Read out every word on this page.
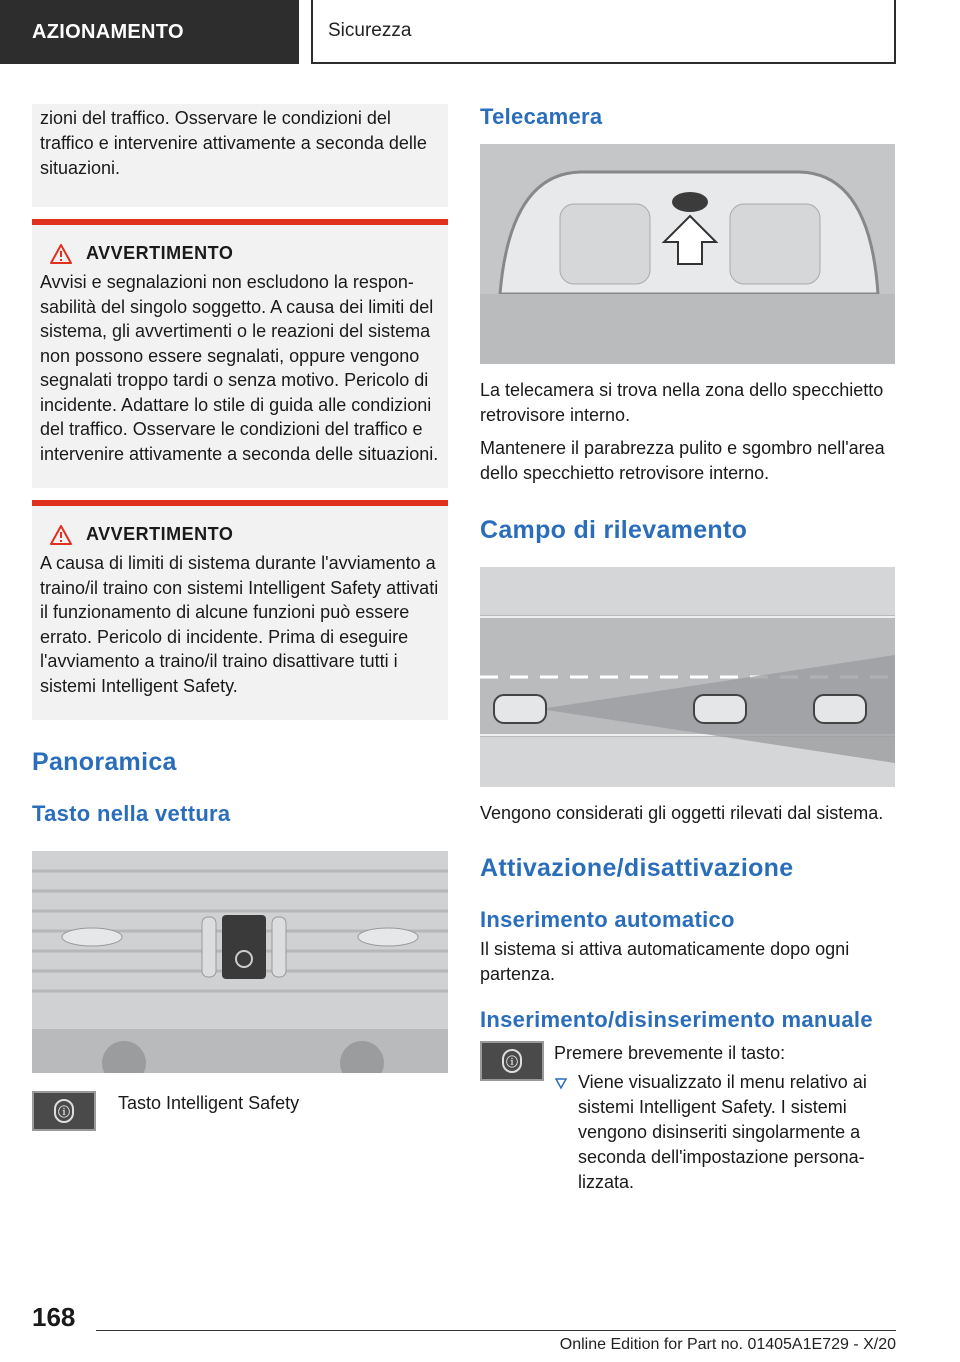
AZIONAMENTO	Sicurezza

zioni del traffico. Osservare le condizioni del traffico e intervenire attivamente a seconda delle situazioni.

AVVERTIMENTO

Avvisi e segnalazioni non escludono la responsabilità del singolo soggetto. A causa dei limiti del sistema, gli avvertimenti o le reazioni del sistema non possono essere segnalati, oppure vengono segnalati troppo tardi o senza motivo. Pericolo di incidente. Adattare lo stile di guida alle condizioni del traffico. Osservare le condizioni del traffico e intervenire attivamente a seconda delle situazioni.

AVVERTIMENTO

A causa di limiti di sistema durante l'avviamento a traino/il traino con sistemi Intelligent Safety attivati il funzionamento di alcune funzioni può essere errato. Pericolo di incidente. Prima di eseguire l'avviamento a traino/il traino disattivare tutti i sistemi Intelligent Safety.

Panoramica
Tasto nella vettura
ⓘ	Tasto Intelligent Safety

Telecamera

La telecamera si trova nella zona dello specchietto retrovisore interno.

Mantenere il parabrezza pulito e sgombro nell'area dello specchietto retrovisore interno.

Campo di rilevamento

Vengono considerati gli oggetti rilevati dal sistema.

Attivazione/disattivazione
Inserimento automatico

Il sistema si attiva automaticamente dopo ogni partenza.

Inserimento/disinserimento manuale
ⓘ Premere brevemente il tasto:

Viene visualizzato il menu relativo ai sistemi Intelligent Safety. I sistemi vengono disinseriti singolarmente a seconda dell'impostazione personalizzata.

168
Online Edition for Part no. 01405A1E729 - X/20
